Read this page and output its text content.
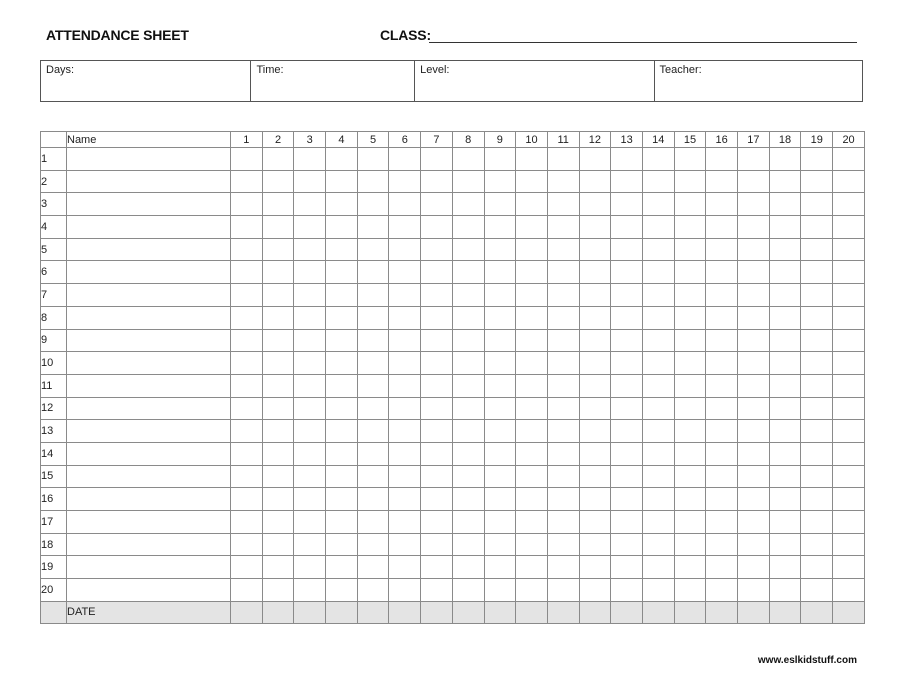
ATTENDANCE SHEET	CLASS:
Days:	Time:	Level:	Teacher:
	Name	1	2	3	4	5	6	7	8	9	10	11	12	13	14	15	16	17	18	19	20
1																					
2																					
3																					
4																					
5																					
6																					
7																					
8																					
9																					
10																					
11																					
12																					
13																					
14																					
15																					
16																					
17																					
18																					
19																					
20																					
	DATE																				
www.eslkidstuff.com
